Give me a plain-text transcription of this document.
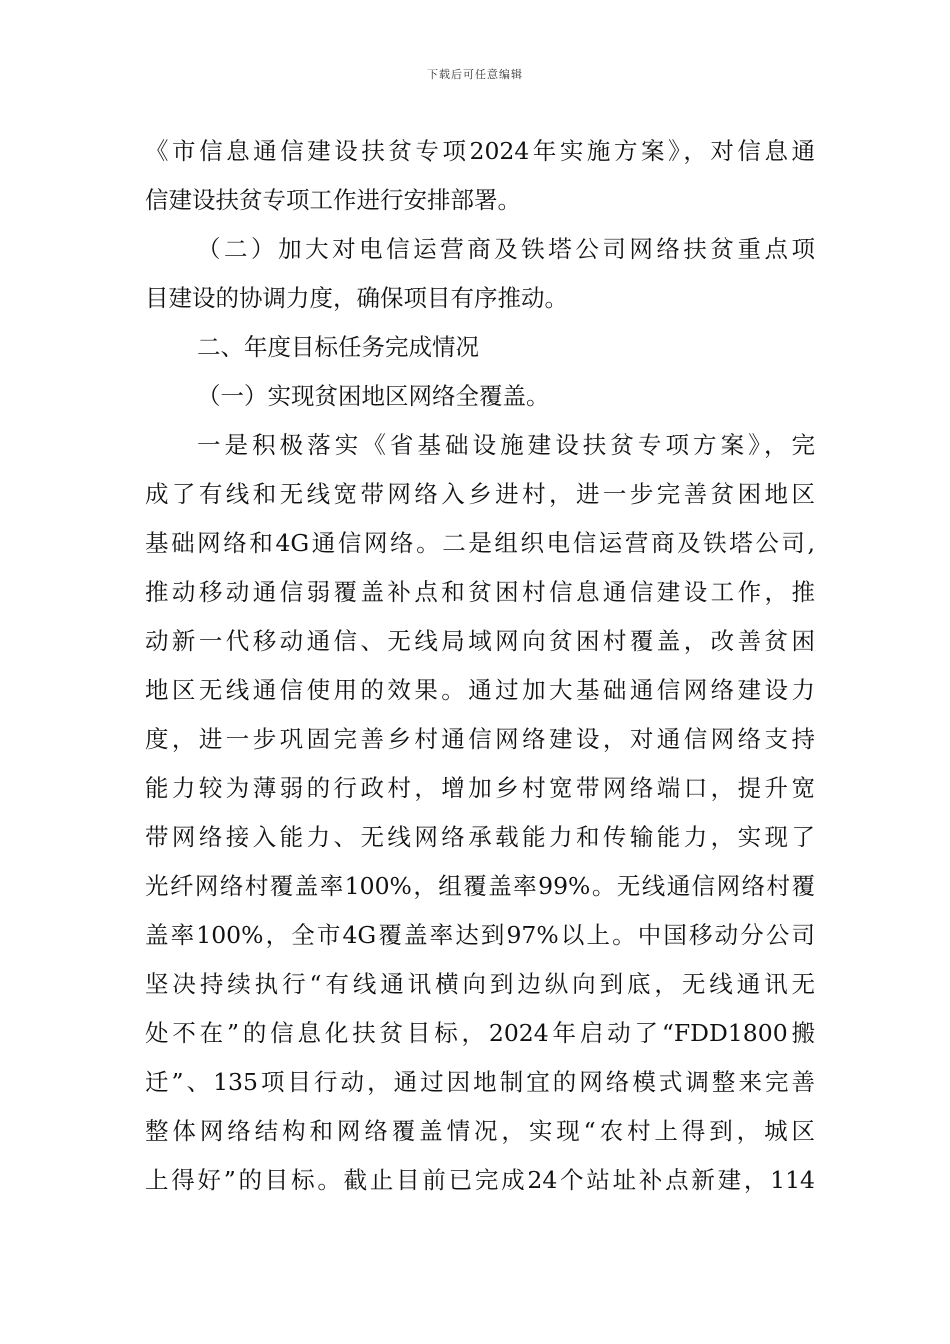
下载后可任意编辑
《市信息通信建设扶贫专项2024年实施方案》，对信息通
信建设扶贫专项工作进行安排部署。
（二）加大对电信运营商及铁塔公司网络扶贫重点项
目建设的协调力度，确保项目有序推动。
二、年度目标任务完成情况
（一）实现贫困地区网络全覆盖。
一是积极落实《省基础设施建设扶贫专项方案》，完
成了有线和无线宽带网络入乡进村，进一步完善贫困地区
基础网络和4G通信网络。二是组织电信运营商及铁塔公司,
推动移动通信弱覆盖补点和贫困村信息通信建设工作，推
动新一代移动通信、无线局域网向贫困村覆盖，改善贫困
地区无线通信使用的效果。通过加大基础通信网络建设力
度，进一步巩固完善乡村通信网络建设，对通信网络支持
能力较为薄弱的行政村，增加乡村宽带网络端口，提升宽
带网络接入能力、无线网络承载能力和传输能力，实现了
光纤网络村覆盖率100%，组覆盖率99%。无线通信网络村覆
盖率100%，全市4G覆盖率达到97%以上。中国移动分公司
坚决持续执行“有线通讯横向到边纵向到底，无线通讯无
处不在”的信息化扶贫目标，2024年启动了“FDD1800搬
迁”、135项目行动，通过因地制宜的网络模式调整来完善
整体网络结构和网络覆盖情况，实现“农村上得到，城区
上得好”的目标。截止目前已完成24个站址补点新建，114
